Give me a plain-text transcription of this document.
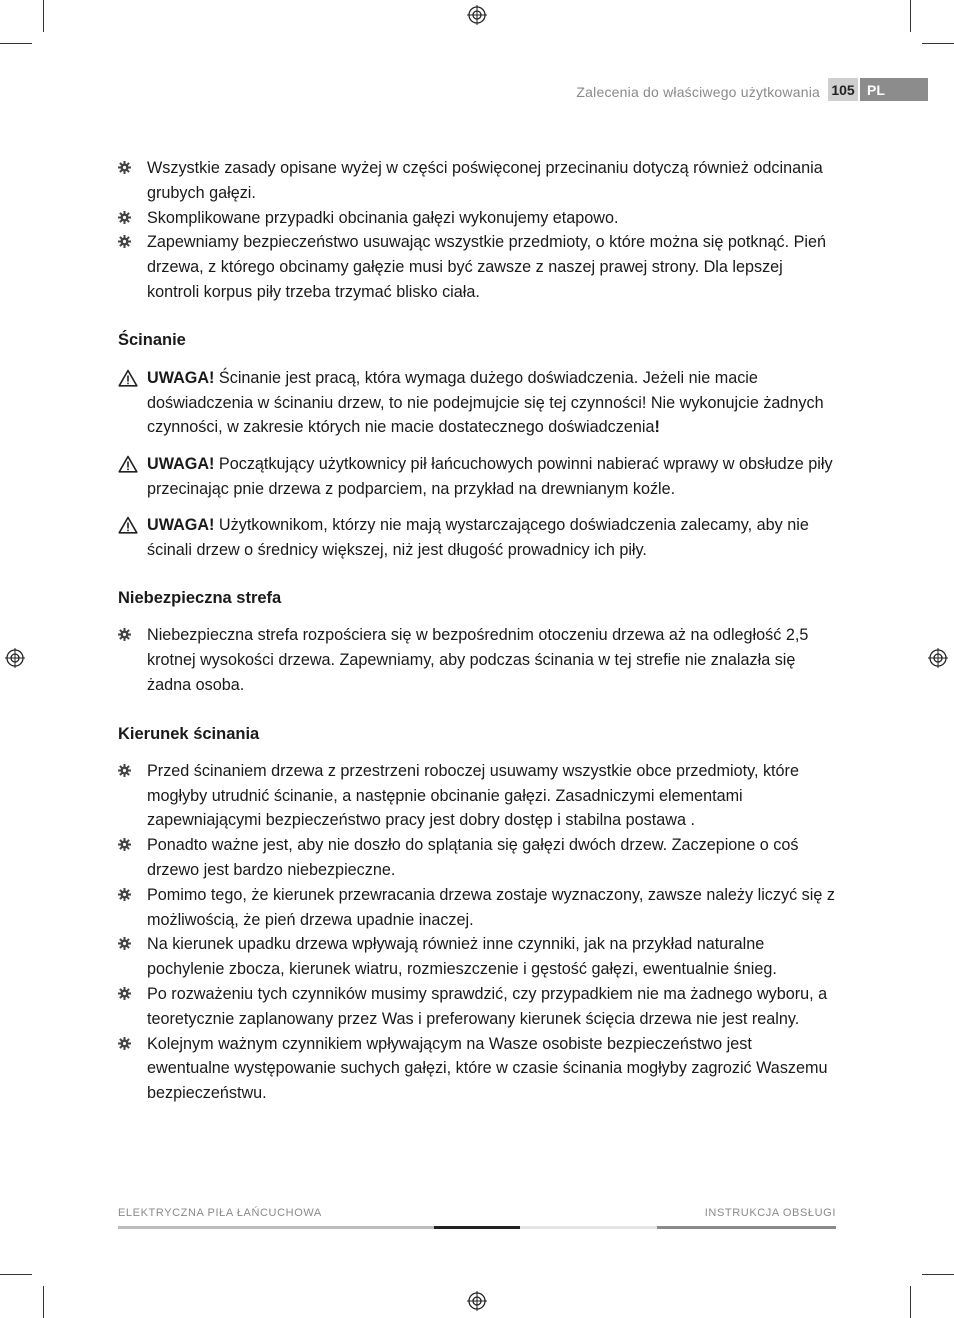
Zalecenia do właściwego użytkowania 105 PL
Wszystkie zasady opisane wyżej w części poświęconej przecinaniu dotyczą również odcinania grubych gałęzi.
Skomplikowane przypadki obcinania gałęzi wykonujemy etapowo.
Zapewniamy bezpieczeństwo usuwając wszystkie przedmioty, o które można się potknąć. Pień drzewa, z którego obcinamy gałęzie musi być zawsze z naszej prawej strony. Dla lepszej kontroli korpus piły trzeba trzymać blisko ciała.
Ścinanie

UWAGA! Ścinanie jest pracą, która wymaga dużego doświadczenia. Jeżeli nie macie doświadczenia w ścinaniu drzew, to nie podejmujcie się tej czynności! Nie wykonujcie żadnych czynności, w zakresie których nie macie dostatecznego doświadczenia!

UWAGA! Początkujący użytkownicy pił łańcuchowych powinni nabierać wprawy w obsłudze piły przecinając pnie drzewa z podparciem, na przykład na drewnianym koźle.

UWAGA! Użytkownikom, którzy nie mają wystarczającego doświadczenia zalecamy, aby nie ścinali drzew o średnicy większej, niż jest długość prowadnicy ich piły.

Niebezpieczna strefa
Niebezpieczna strefa rozpościera się w bezpośrednim otoczeniu drzewa aż na odległość 2,5 krotnej wysokości drzewa. Zapewniamy, aby podczas ścinania w tej strefie nie znalazła się żadna osoba.
Kierunek ścinania
Przed ścinaniem drzewa z przestrzeni roboczej usuwamy wszystkie obce przedmioty, które mogłyby utrudnić ścinanie, a następnie obcinanie gałęzi. Zasadniczymi elementami zapewniającymi bezpieczeństwo pracy jest dobry dostęp i stabilna postawa .
Ponadto ważne jest, aby nie doszło do splątania się gałęzi dwóch drzew. Zaczepione o coś drzewo jest bardzo niebezpieczne.
Pomimo tego, że kierunek przewracania drzewa zostaje wyznaczony, zawsze należy liczyć się z możliwością, że pień drzewa upadnie inaczej.
Na kierunek upadku drzewa wpływają również inne czynniki, jak na przykład naturalne pochylenie zbocza, kierunek wiatru, rozmieszczenie i gęstość gałęzi, ewentualnie śnieg.
Po rozważeniu tych czynników musimy sprawdzić, czy przypadkiem nie ma żadnego wyboru, a teoretycznie zaplanowany przez Was i preferowany kierunek ścięcia drzewa nie jest realny.
Kolejnym ważnym czynnikiem wpływającym na Wasze osobiste bezpieczeństwo jest ewentualne występowanie suchych gałęzi, które w czasie ścinania mogłyby zagrozić Waszemu bezpieczeństwu.
ELEKTRYCZNA PIŁA ŁAŃCUCHOWA	INSTRUKCJA OBSŁUGI
